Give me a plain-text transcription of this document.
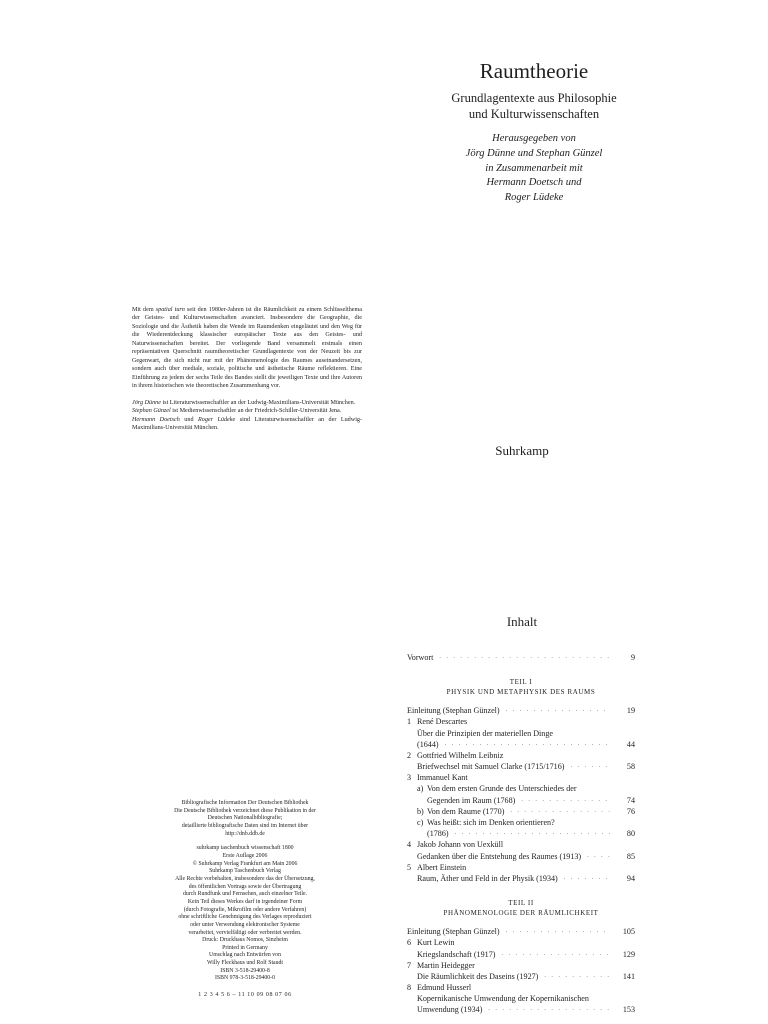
Raumtheorie
Grundlagentexte aus Philosophie
und Kulturwissenschaften
Herausgegeben von
Jörg Dünne und Stephan Günzel
in Zusammenarbeit mit
Hermann Doetsch und
Roger Lüdeke
Suhrkamp

Mit dem spatial turn seit den 1980er-Jahren ist die Räumlichkeit zu einem Schlüsselthema der Geistes- und Kulturwissenschaften avanciert. Insbesondere die Geographie, die Soziologie und die Ästhetik haben die Wende im Raumdenken eingeläutet und den Weg für die Wiederentdeckung klassischer europäischer Texte aus den Geistes- und Naturwissenschaften bereitet. Der vorliegende Band versammelt erstmals einen repräsentativen Querschnitt raumtheoretischer Grundlagentexte von der Neuzeit bis zur Gegenwart, die sich nicht nur mit der Phänomenologie des Raumes auseinandersetzen, sondern auch über mediale, soziale, politische und ästhetische Räume reflektieren. Eine Einführung zu jedem der sechs Teile des Bandes stellt die jeweiligen Texte und ihre Autoren in ihrem historischen wie theoretischen Zusammenhang vor.

Jörg Dünne ist Literaturwissenschaftler an der Ludwig-Maximilians-Universität München.
Stephan Günzel ist Medienwissenschaftler an der Friedrich-Schiller-Universität Jena.
Hermann Doetsch und Roger Lüdeke sind Literaturwissenschaftler an der Ludwig-Maximilians-Universität München.

Bibliografische Information Der Deutschen Bibliothek
Die Deutsche Bibliothek verzeichnet diese Publikation in der
Deutschen Nationalbibliografie;
detaillierte bibliografische Daten sind im Internet über
http://dnb.ddb.de
suhrkamp taschenbuch wissenschaft 1800
Erste Auflage 2006
© Suhrkamp Verlag Frankfurt am Main 2006
Suhrkamp Taschenbuch Verlag
Alle Rechte vorbehalten, insbesondere das der Übersetzung,
des öffentlichen Vortrags sowie der Übertragung
durch Rundfunk und Fernsehen, auch einzelner Teile.
Kein Teil dieses Werkes darf in irgendeiner Form
(durch Fotografie, Mikrofilm oder andere Verfahren)
ohne schriftliche Genehmigung des Verlages reproduziert
oder unter Verwendung elektronischer Systeme
verarbeitet, vervielfältigt oder verbreitet werden.
Druck: Druckhaus Nomos, Sinzheim
Printed in Germany
Umschlag nach Entwürfen von
Willy Fleckhaus und Rolf Staudt
ISBN 3-518-29400-8
ISBN 978-3-518-29400-0
1 2 3 4 5 6 – 11 10 09 08 07 06
Inhalt
Vorwort . . .	9
TEIL I
PHYSIK UND METAPHYSIK DES RAUMS
Einleitung (Stephan Günzel) . . .	19
1 René Descartes
Über die Prinzipien der materiellen Dinge
(1644) . . .	44
2 Gottfried Wilhelm Leibniz
Briefwechsel mit Samuel Clarke (1715/1716) . . .	58
3 Immanuel Kant
a) Von dem ersten Grunde des Unterschiedes der
Gegenden im Raum (1768) . . .	74
b) Von dem Raume (1770) . . .	76
c) Was heißt: sich im Denken orientieren?
(1786) . . .	80
4 Jakob Johann von Uexküll
Gedanken über die Entstehung des Raumes (1913) . . .	85
5 Albert Einstein
Raum, Äther und Feld in der Physik (1934) . . .	94
TEIL II
PHÄNOMENOLOGIE DER RÄUMLICHKEIT
Einleitung (Stephan Günzel) . . .	105
6 Kurt Lewin
Kriegslandschaft (1917) . . .	129
7 Martin Heidegger
Die Räumlichkeit des Daseins (1927) . . .	141
8 Edmund Husserl
Kopernikanische Umwendung der Kopernikanischen
Umwendung (1934) . . .	153
